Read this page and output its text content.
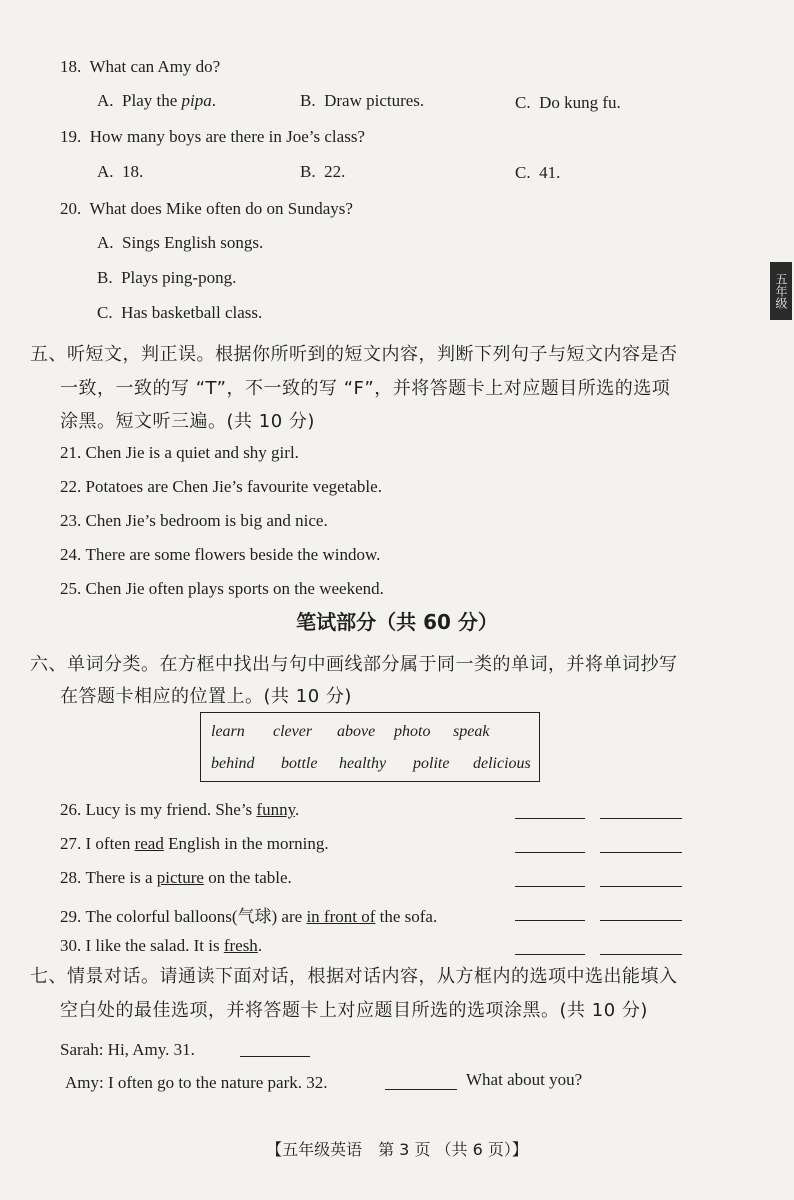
18. What can Amy do?
A. Play the pipa.	B. Draw pictures.	C. Do kung fu.
19. How many boys are there in Joe’s class?
A. 18.	B. 22.	C. 41.
20. What does Mike often do on Sundays?
A. Sings English songs.
B. Plays ping-pong.
C. Has basketball class.
五、听短文，判正误。根据你所听到的短文内容，判断下列句子与短文内容是否
一致，一致的写 “T”，不一致的写 “F”，并将答题卡上对应题目所选的选项
涂黑。短文听三遍。(共 10 分)
21. Chen Jie is a quiet and shy girl.
22. Potatoes are Chen Jie’s favourite vegetable.
23. Chen Jie’s bedroom is big and nice.
24. There are some flowers beside the window.
25. Chen Jie often plays sports on the weekend.
笔试部分（共 60 分）
六、单词分类。在方框中找出与句中画线部分属于同一类的单词，并将单词抄写
在答题卡相应的位置上。(共 10 分)
learn clever above photo speak
behind bottle healthy polite delicious
26. Lucy is my friend. She’s funny.
27. I often read English in the morning.
28. There is a picture on the table.
29. The colorful balloons(气球) are in front of the sofa.
30. I like the salad. It is fresh.
七、情景对话。请通读下面对话，根据对话内容，从方框内的选项中选出能填入
空白处的最佳选项，并将答题卡上对应题目所选的选项涂黑。(共 10 分)
Sarah: Hi, Amy. 31.
Amy: I often go to the nature park. 32.	What about you?
【五年级英语　第 3 页 （共 6 页）】
五年级
